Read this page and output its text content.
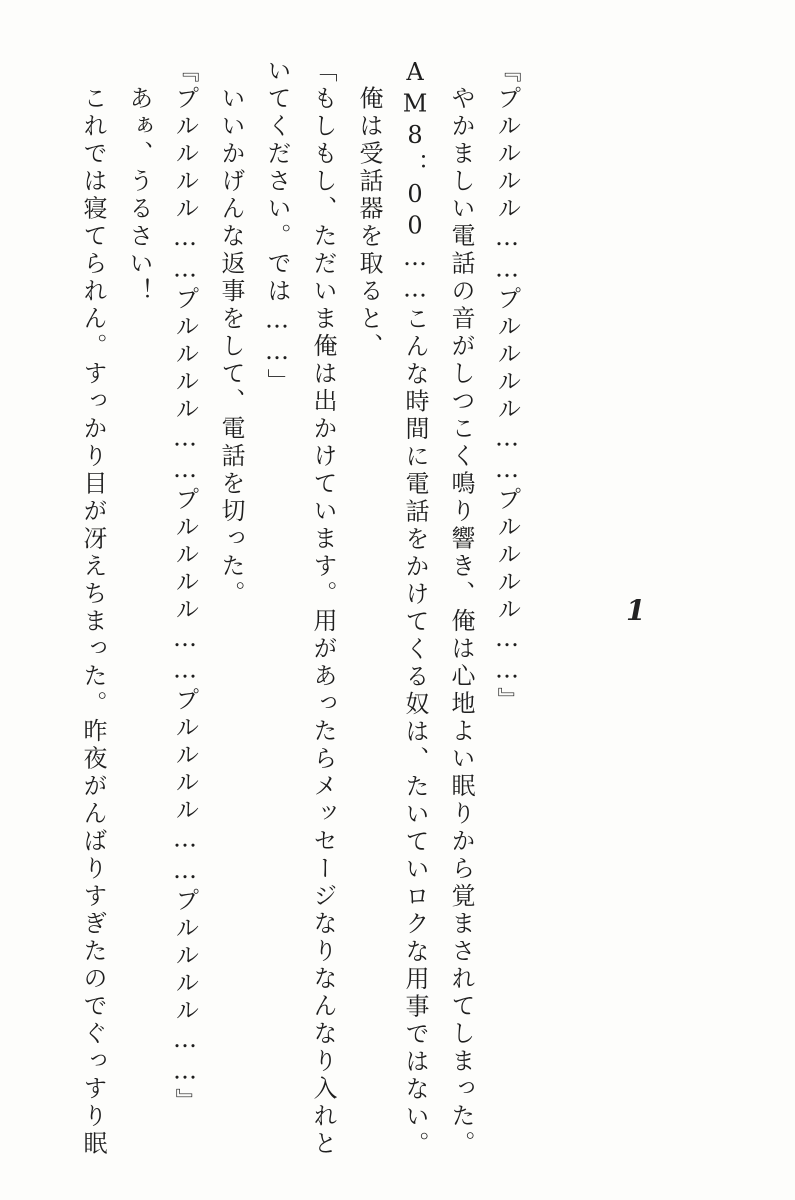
『プルルルル……プルルルル……プルルルル……』
　やかましい電話の音がしつこく鳴り響き、俺は心地よい眠りから覚まされてしまった。
AM8：00……こんな時間に電話をかけてくる奴は、たいていロクな用事ではない。
　俺は受話器を取ると、
「もしもし、ただいま俺は出かけています。用があったらメッセージなりなんなり入れと
いてください。では……」
　いいかげんな返事をして、電話を切った。
『プルルルル……プルルルル……プルルルル……プルルルル……プルルルル……』
　あぁ、うるさい！
　これでは寝てられん。すっかり目が冴えちまった。昨夜がんばりすぎたのでぐっすり眠	1
